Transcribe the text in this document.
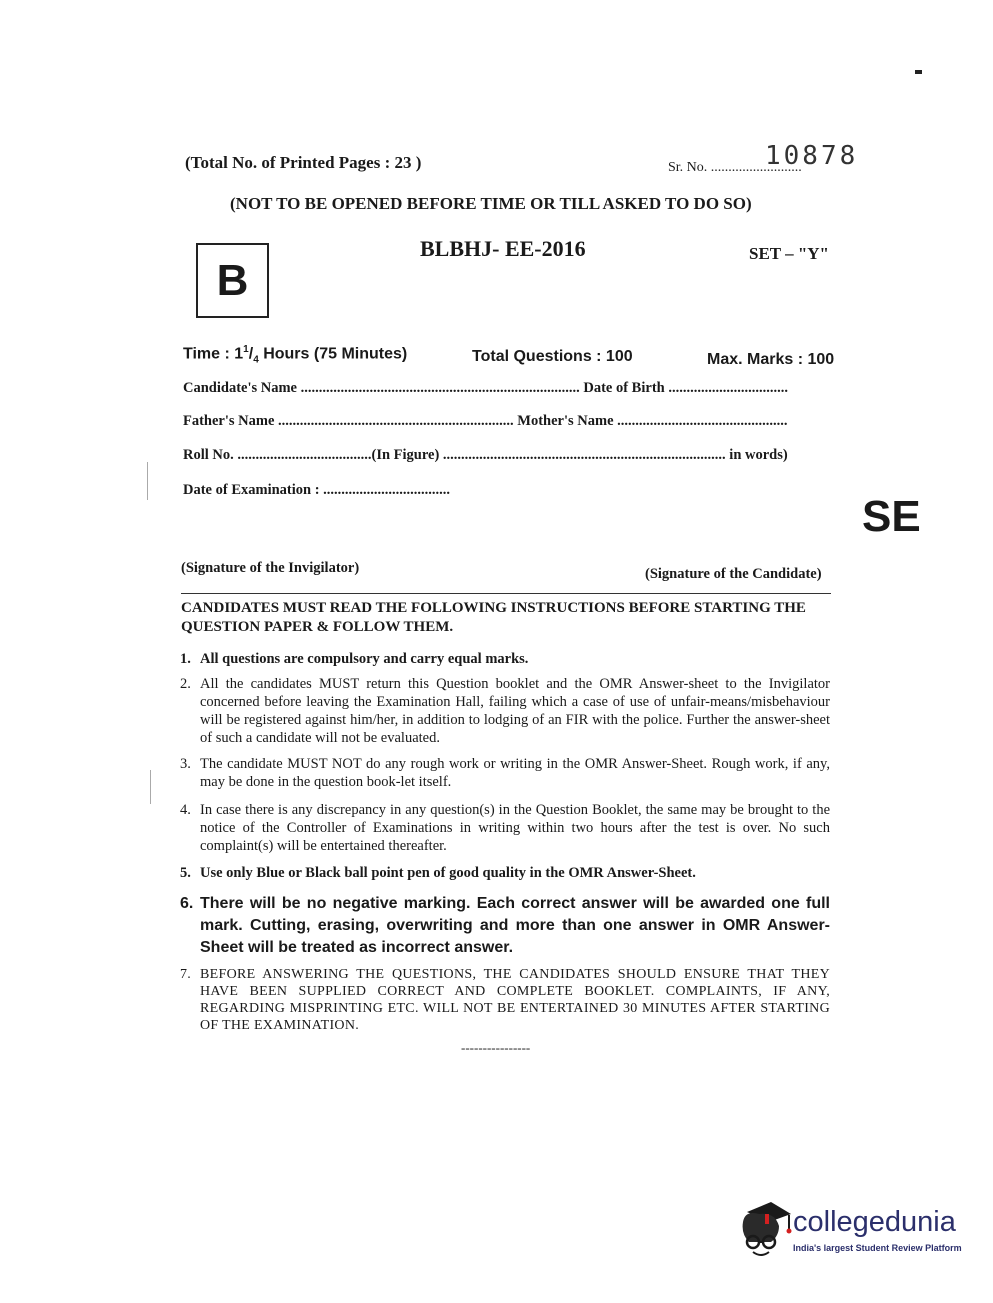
(Total No. of Printed Pages : 23 )	Sr. No. ..........................
10878
(NOT TO BE OPENED BEFORE TIME OR TILL ASKED TO DO SO)
B
BLBHJ- EE-2016	SET – "Y"
Time : $1^1/_4$ Hours (75 Minutes)	Total Questions : 100	Max. Marks : 100
Candidate's Name ............................................................................. Date of Birth .................................
Father's Name ................................................................. Mother's Name ...............................................
Roll No. .....................................(In Figure) .............................................................................. in words)
Date of Examination : ...................................
(Signature of the Invigilator)	(Signature of the Candidate)
CANDIDATES MUST READ THE FOLLOWING INSTRUCTIONS BEFORE STARTING THE QUESTION PAPER & FOLLOW THEM.
1. All questions are compulsory and carry equal marks.
2. All the candidates MUST return this Question booklet and the OMR Answer-sheet to the Invigilator concerned before leaving the Examination Hall, failing which a case of use of unfair-means/misbehaviour will be registered against him/her, in addition to lodging of an FIR with the police. Further the answer-sheet of such a candidate will not be evaluated.
3. The candidate MUST NOT do any rough work or writing in the OMR Answer-Sheet. Rough work, if any, may be done in the question book-let itself.
4. In case there is any discrepancy in any question(s) in the Question Booklet, the same may be brought to the notice of the Controller of Examinations in writing within two hours after the test is over. No such complaint(s) will be entertained thereafter.
5. Use only Blue or Black ball point pen of good quality in the OMR Answer-Sheet.
6. There will be no negative marking. Each correct answer will be awarded one full mark. Cutting, erasing, overwriting and more than one answer in OMR Answer-Sheet will be treated as incorrect answer.
7. BEFORE ANSWERING THE QUESTIONS, THE CANDIDATES SHOULD ENSURE THAT THEY HAVE BEEN SUPPLIED CORRECT AND COMPLETE BOOKLET. COMPLAINTS, IF ANY, REGARDING MISPRINTING ETC. WILL NOT BE ENTERTAINED 30 MINUTES AFTER STARTING OF THE EXAMINATION.
----------------
SE
collegedunia
India's largest Student Review Platform
